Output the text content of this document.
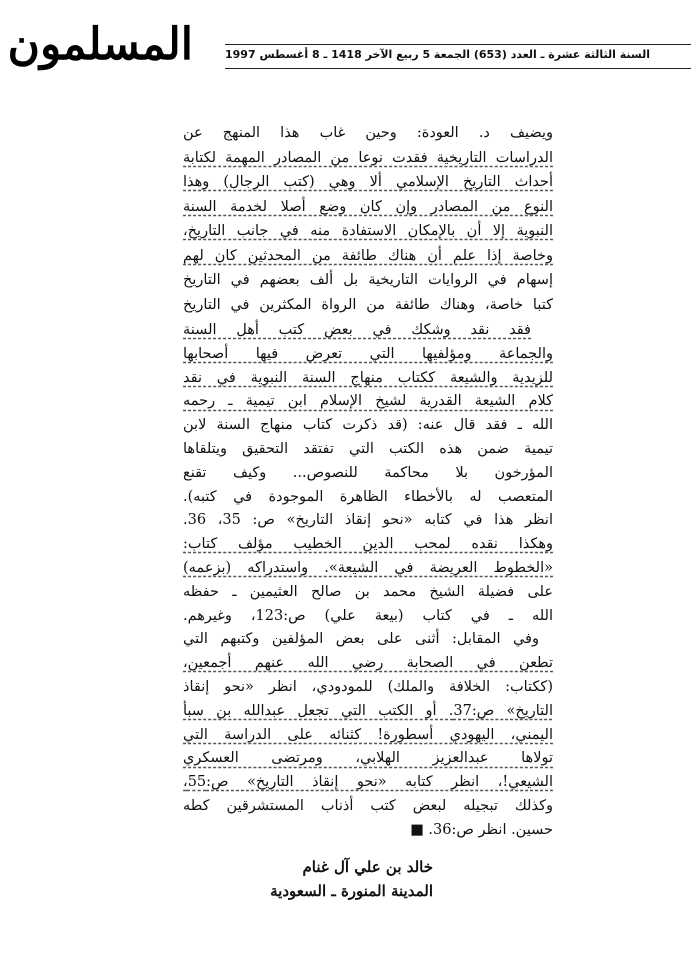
المسلمون	السنة الثالثة عشرة ـ العدد (653) الجمعة 5 ربيع الآخر 1418 ـ 8 أغسطس 1997
ويضيف د. العودة: وحين غاب هذا المنهج عن
الدراسات التاريخية فقدت نوعا من المصادر المهمة لكتابة
أحداث التاريخ الإسلامي ألا وهي (كتب الرجال) وهذا
النوع من المصادر وإن كان وضع أصلا لخدمة السنة
النبوية إلا أن بالإمكان الاستفادة منه في جانب التاريخ،
وخاصة إذا علم أن هناك طائفة من المحدثين كان لهم
إسهام في الروايات التاريخية بل ألف بعضهم في التاريخ
كتبا خاصة، وهناك طائفة من الرواة المكثرين في التاريخ
فقد نقد وشكك في بعض كتب أهل السنة
والجماعة ومؤلفيها التي تعرض فيها أصحابها
للزيدية والشيعة ككتاب منهاج السنة النبوية في نقد
كلام الشيعة القدرية لشيخ الإسلام ابن تيمية ـ رحمه
الله ـ فقد قال عنه: (قد ذكرت كتاب منهاج السنة لابن
تيمية ضمن هذه الكتب التي تفتقد التحقيق ويتلقاها
المؤرخون بلا محاكمة للنصوص... وكيف تقنع
المتعصب له بالأخطاء الظاهرة الموجودة في كتبه).
انظر هذا في كتابه «نحو إنقاذ التاريخ» ص: 35، 36.
وهكذا نقده لمحب الدين الخطيب مؤلف كتاب:
«الخطوط العريضة في الشيعة». واستدراكه (بزعمه)
على فضيلة الشيخ محمد بن صالح العثيمين ـ حفظه
الله ـ في كتاب (بيعة علي) ص:123، وغيرهم.
وفي المقابل: أثنى على بعض المؤلفين وكتبهم التي
تطعن في الصحابة رضي الله عنهم أجمعين،
(ككتاب: الخلافة والملك) للمودودي، انظر «نحو إنقاذ
التاريخ» ص:37. أو الكتب التي تجعل عبدالله بن سبأ
اليمني، اليهودي أسطورة! كثنائه على الدراسة التي
تولاها عبدالعزيز الهلابي، ومرتضى العسكري
الشيعي!، انظر كتابه «نحو إنقاذ التاريخ» ص:55،
وكذلك تبجيله لبعض كتب أذناب المستشرقين كطه
حسين. انظر ص:36. ■
خالد بن علي آل غنام
المدينة المنورة ـ السعودية
